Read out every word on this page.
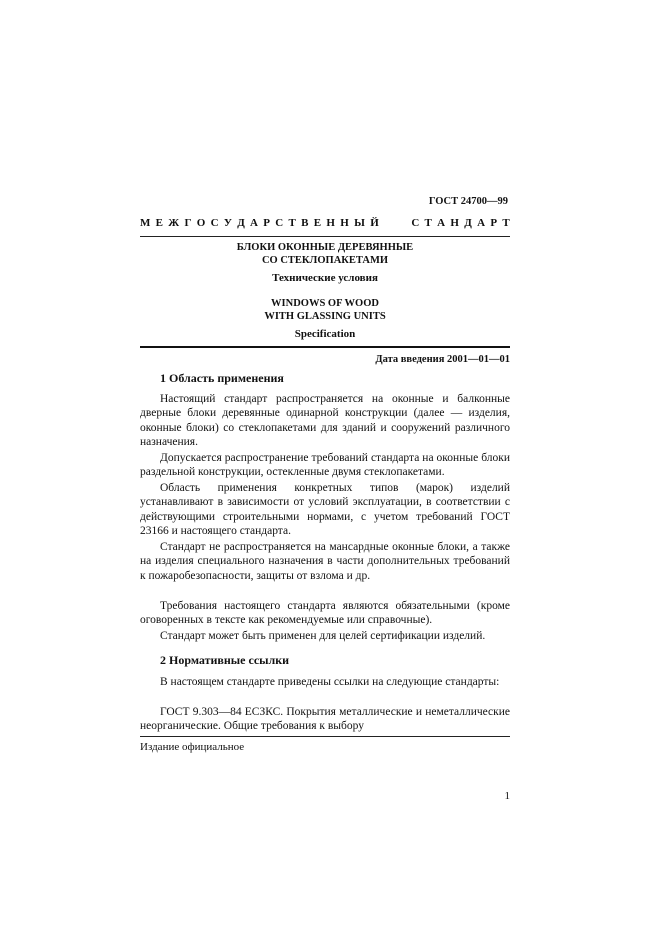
ГОСТ 24700—99
М Е Ж Г О С У Д А Р С Т В Е Н Н Ы Й	С Т А Н Д А Р Т
БЛОКИ ОКОННЫЕ ДЕРЕВЯННЫЕ
СО СТЕКЛОПАКЕТАМИ
Технические условия
WINDOWS OF WOOD
WITH GLASSING UNITS
Specification
Дата введения 2001—01—01
1 Область применения
Настоящий стандарт распространяется на оконные и балконные дверные блоки деревянные одинарной конструкции (далее — изделия, оконные блоки) со стеклопакетами для зданий и сооружений различного назначения.
Допускается распространение требований стандарта на оконные блоки раздельной конструкции, остекленные двумя стеклопакетами.
Область применения конкретных типов (марок) изделий устанавливают в зависимости от условий эксплуатации, в соответствии с действующими строительными нормами, с учетом требований ГОСТ 23166 и настоящего стандарта.
Стандарт не распространяется на мансардные оконные блоки, а также на изделия специального назначения в части дополнительных требований к пожаробезопасности, защиты от взлома и др.
Требования настоящего стандарта являются обязательными (кроме оговоренных в тексте как рекомендуемые или справочные).
Стандарт может быть применен для целей сертификации изделий.
2 Нормативные ссылки
В настоящем стандарте приведены ссылки на следующие стандарты:
ГОСТ 9.303—84 ЕСЗКС. Покрытия металлические и неметаллические неорганические. Общие требования к выбору
Издание официальное
1
